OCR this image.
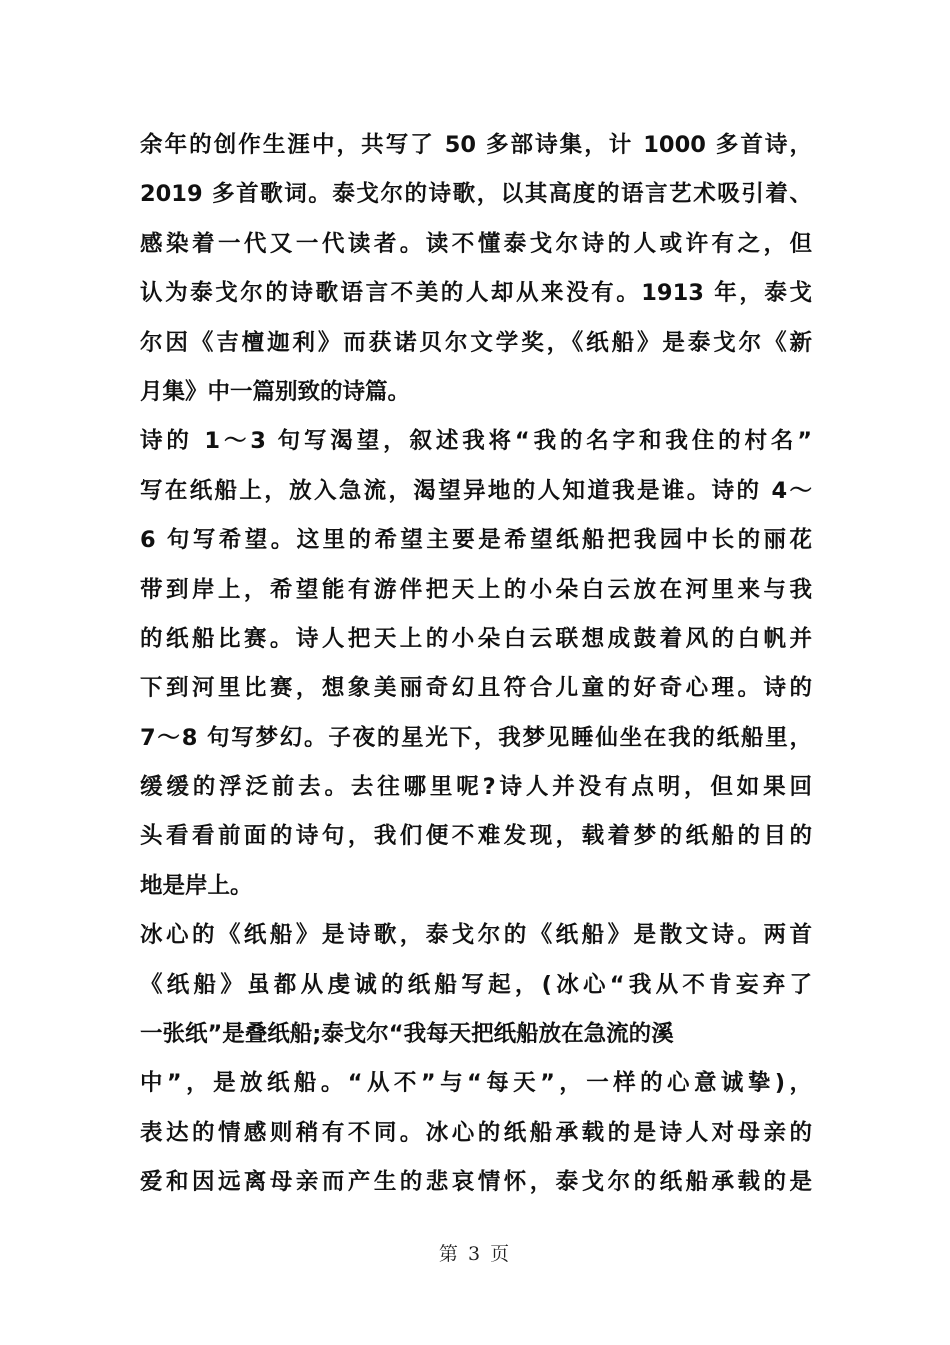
余年的创作生涯中，共写了 50 多部诗集，计 1000 多首诗，
2019 多首歌词。泰戈尔的诗歌，以其高度的语言艺术吸引着、
感染着一代又一代读者。读不懂泰戈尔诗的人或许有之，但
认为泰戈尔的诗歌语言不美的人却从来没有。1913 年，泰戈
尔因《吉檀迦利》而获诺贝尔文学奖，《纸船》是泰戈尔《新
月集》中一篇别致的诗篇。
诗的 1～3 句写渴望，叙述我将“我的名字和我住的村名”
写在纸船上，放入急流，渴望异地的人知道我是谁。诗的 4～
6 句写希望。这里的希望主要是希望纸船把我园中长的丽花
带到岸上，希望能有游伴把天上的小朵白云放在河里来与我
的纸船比赛。诗人把天上的小朵白云联想成鼓着风的白帆并
下到河里比赛，想象美丽奇幻且符合儿童的好奇心理。诗的
7～8 句写梦幻。子夜的星光下，我梦见睡仙坐在我的纸船里，
缓缓的浮泛前去。去往哪里呢?诗人并没有点明，但如果回
头看看前面的诗句，我们便不难发现，载着梦的纸船的目的
地是岸上。
冰心的《纸船》是诗歌，泰戈尔的《纸船》是散文诗。两首
《纸船》虽都从虔诚的纸船写起，(冰心“我从不肯妄弃了
一张纸”是叠纸船;泰戈尔“我每天把纸船放在急流的溪
中”，是放纸船。“从不”与“每天”，一样的心意诚挚)，
表达的情感则稍有不同。冰心的纸船承载的是诗人对母亲的
爱和因远离母亲而产生的悲哀情怀，泰戈尔的纸船承载的是
第 3 页
